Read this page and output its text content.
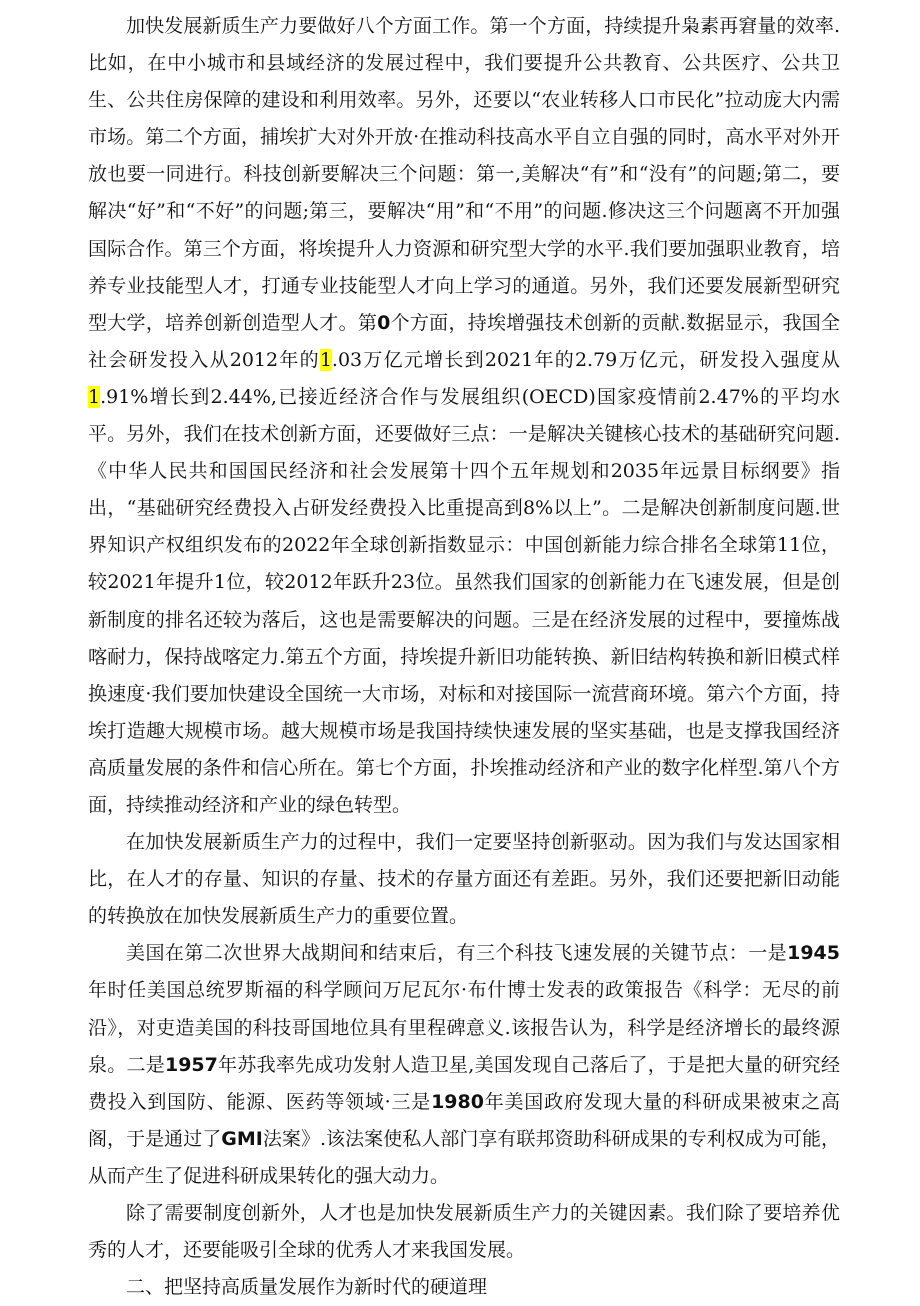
加快发展新质生产力要做好八个方面工作。第一个方面，持续提升枭素再窘量的效率.比如，在中小城市和县域经济的发展过程中，我们要提升公共教育、公共医疗、公共卫生、公共住房保障的建设和利用效率。另外，还要以“农业转移人口市民化”拉动庞大内需市场。第二个方面，捕埃扩大对外开放·在推动科技高水平自立自强的同时，高水平对外开放也要一同进行。科技创新要解决三个问题：第一,美解决“有”和“没有”的问题;第二，要解决“好”和“不好”的问题;第三，要解决“用”和“不用”的问题.修决这三个问题离不开加强国际合作。第三个方面，将埃提升人力资源和研究型大学的水平.我们要加强职业教育，培养专业技能型人才，打通专业技能型人才向上学习的通道。另外，我们还要发展新型研究型大学，培养创新创造型人才。第0个方面，持埃增强技术创新的贡献.数据显示，我国全社会研发投入从2012年的1.03万亿元增长到2021年的2.79万亿元，研发投入强度从1.91%增长到2.44%,已接近经济合作与发展组织(OECD)国家疫情前2.47%的平均水平。另外，我们在技术创新方面，还要做好三点：一是解决关键核心技术的基础研究问题.《中华人民共和国国民经济和社会发展第十四个五年规划和2035年远景目标纲要》指出，“基础研究经费投入占研发经费投入比重提高到8%以上”。二是解决创新制度问题.世界知识产权组织发布的2022年全球创新指数显示：中国创新能力综合排名全球第11位，较2021年提升1位，较2012年跃升23位。虽然我们国家的创新能力在飞速发展，但是创新制度的排名还较为落后，这也是需要解决的问题。三是在经济发展的过程中，要撞炼战喀耐力，保持战喀定力.第五个方面，持埃提升新旧功能转换、新旧结构转换和新旧模式样换速度·我们要加快建设全国统一大市场，对标和对接国际一流营商环境。第六个方面，持埃打造趣大规模市场。越大规模市场是我国持续快速发展的坚实基础，也是支撑我国经济高质量发展的条件和信心所在。第七个方面，扑埃推动经济和产业的数字化样型.第八个方面，持续推动经济和产业的绿色转型。

在加快发展新质生产力的过程中，我们一定要坚持创新驱动。因为我们与发达国家相比，在人才的存量、知识的存量、技术的存量方面还有差距。另外，我们还要把新旧动能的转换放在加快发展新质生产力的重要位置。

美国在第二次世界大战期间和结束后，有三个科技飞速发展的关键节点：一是1945年时任美国总统罗斯福的科学顾问万尼瓦尔·布什博士发表的政策报告《科学：无尽的前沿》，对吏造美国的科技哥国地位具有里程碑意义.该报告认为，科学是经济增长的最终源泉。二是1957年苏我率先成功发射人造卫星,美国发现自己落后了，于是把大量的研究经费投入到国防、能源、医药等领域·三是1980年美国政府发现大量的科研成果被束之高阁，于是通过了GMI法案》.该法案使私人部门享有联邦资助科研成果的专利权成为可能，从而产生了促进科研成果转化的强大动力。

除了需要制度创新外，人才也是加快发展新质生产力的关键因素。我们除了要培养优秀的人才，还要能吸引全球的优秀人才来我国发展。

二、把坚持高质量发展作为新时代的硬道理
